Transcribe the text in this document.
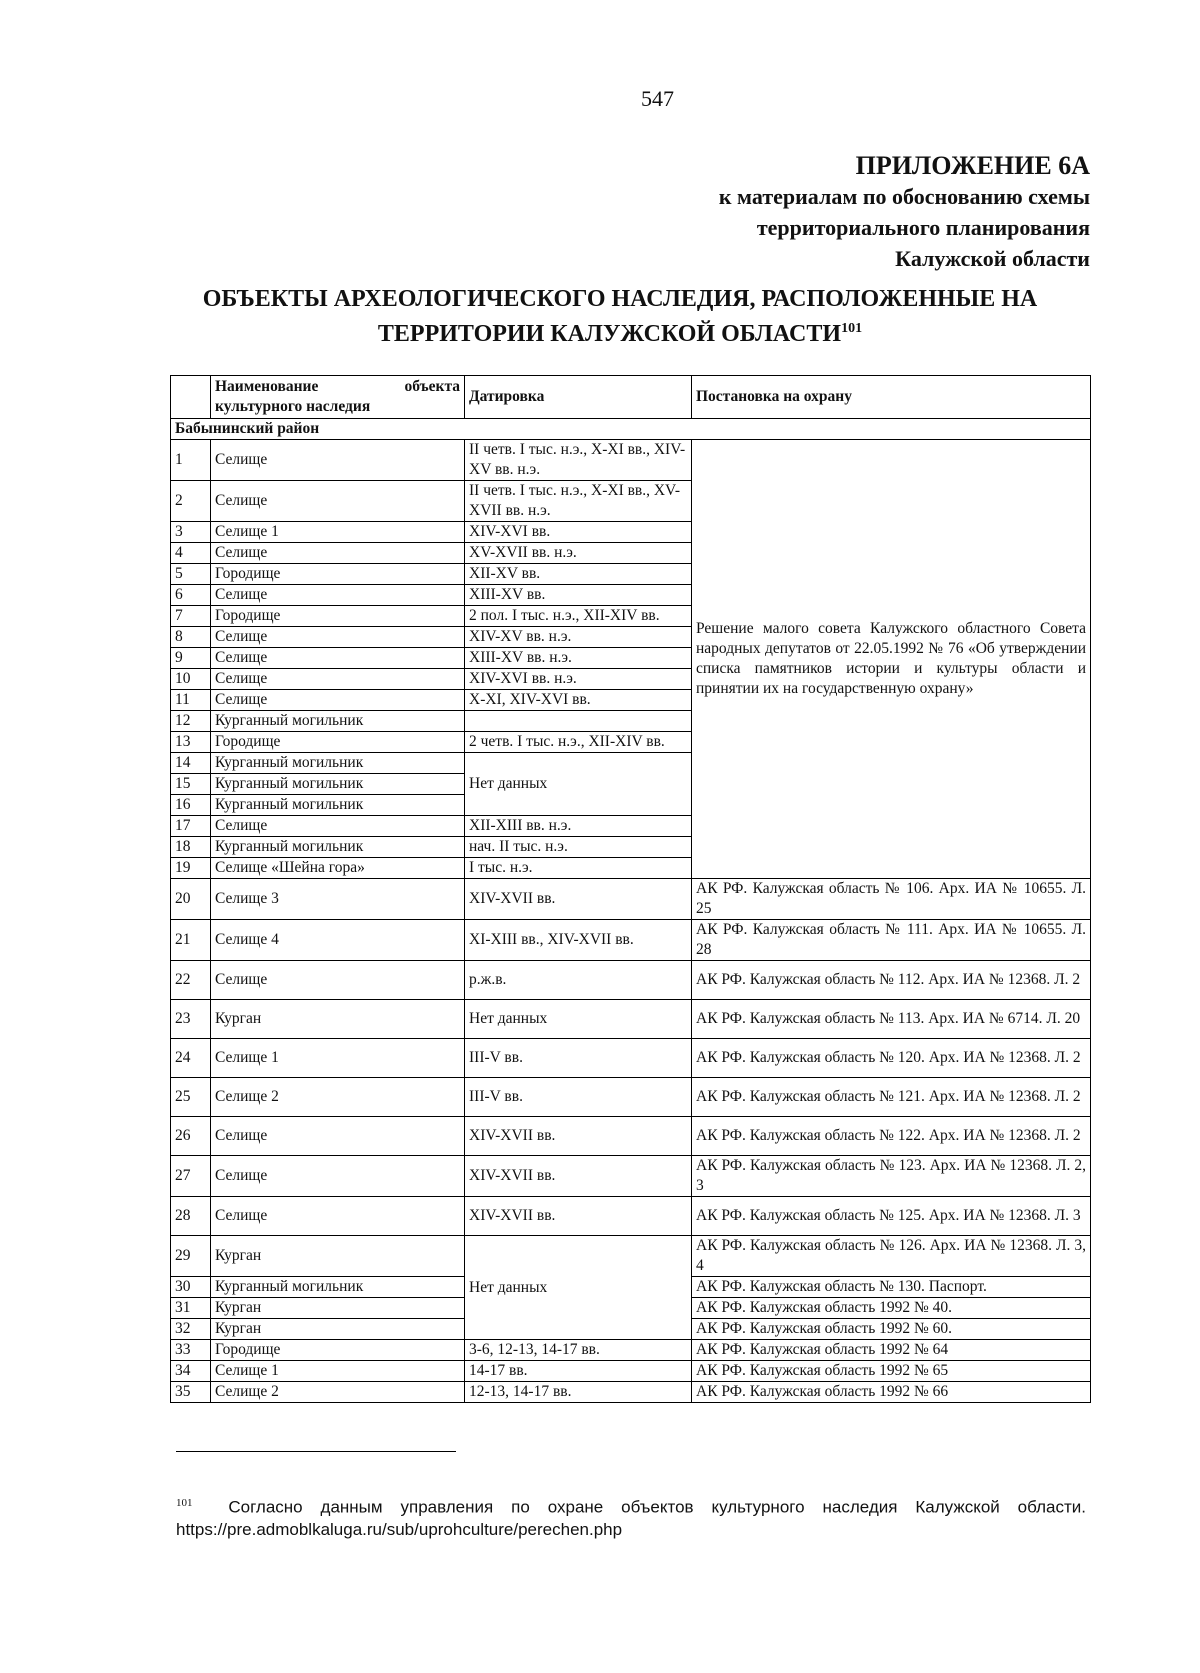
547
ПРИЛОЖЕНИЕ 6А
к материалам по обоснованию схемы
территориального планирования
Калужской области
ОБЪЕКТЫ АРХЕОЛОГИЧЕСКОГО НАСЛЕДИЯ, РАСПОЛОЖЕННЫЕ НА
ТЕРРИТОРИИ КАЛУЖСКОЙ ОБЛАСТИ$^{101}$

	Наименование объекта
культурного наследия	Датировка	Постановка на охрану
Бабынинский район			
1	Селище	II четв. I тыс. н.э., X-XI вв., XIV-XV вв. н.э.	Решение малого совета Калужского областного Совета народных депутатов от 22.05.1992 № 76 «Об утверждении списка памятников истории и культуры области и принятии их на государственную охрану»
2	Селище	II четв. I тыс. н.э., X-XI вв., XV-XVII вв. н.э.	
3	Селище 1	XIV-XVI вв.	
4	Селище	XV-XVII вв. н.э.	
5	Городище	XII-XV вв.	
6	Селище	XIII-XV вв.	
7	Городище	2 пол. I тыс. н.э., XII-XIV вв.	
8	Селище	XIV-XV вв. н.э.	
9	Селище	XIII-XV вв. н.э.	
10	Селище	XIV-XVI вв. н.э.	
11	Селище	X-XI, XIV-XVI вв.	
12	Курганный могильник		
13	Городище	2 четв. I тыс. н.э., XII-XIV вв.	
14	Курганный могильник	Нет данных	
15	Курганный могильник		
16	Курганный могильник		
17	Селище	XII-XIII вв. н.э.	
18	Курганный могильник	нач. II тыс. н.э.	
19	Селище «Шейна гора»	I тыс. н.э.	
20	Селище 3	XIV-XVII вв.	АК РФ. Калужская область № 106. Арх. ИА № 10655. Л. 25
21	Селище 4	XI-XIII вв., XIV-XVII вв.	АК РФ. Калужская область № 111. Арх. ИА № 10655. Л. 28
22	Селище	р.ж.в.	АК РФ. Калужская область № 112. Арх. ИА № 12368. Л. 2
23	Курган	Нет данных	АК РФ. Калужская область № 113. Арх. ИА № 6714. Л. 20
24	Селище 1	III-V вв.	АК РФ. Калужская область № 120. Арх. ИА № 12368. Л. 2
25	Селище 2	III-V вв.	АК РФ. Калужская область № 121. Арх. ИА № 12368. Л. 2
26	Селище	XIV-XVII вв.	АК РФ. Калужская область № 122. Арх. ИА № 12368. Л. 2
27	Селище	XIV-XVII вв.	АК РФ. Калужская область № 123. Арх. ИА № 12368. Л. 2, 3
28	Селище	XIV-XVII вв.	АК РФ. Калужская область № 125. Арх. ИА № 12368. Л. 3
29	Курган	Нет данных	АК РФ. Калужская область № 126. Арх. ИА № 12368. Л. 3, 4
30	Курганный могильник		АК РФ. Калужская область № 130. Паспорт.
31	Курган		АК РФ. Калужская область 1992 № 40.
32	Курган		АК РФ. Калужская область 1992 № 60.
33	Городище	3-6, 12-13, 14-17 вв.	АК РФ. Калужская область 1992 № 64
34	Селище 1	14-17 вв.	АК РФ. Калужская область 1992 № 65
35	Селище 2	12-13, 14-17 вв.	АК РФ. Калужская область 1992 № 66
$^{101}$ Согласно данным управления по охране объектов культурного наследия Калужской области. https://pre.admoblkaluga.ru/sub/uprohculture/perechen.php
